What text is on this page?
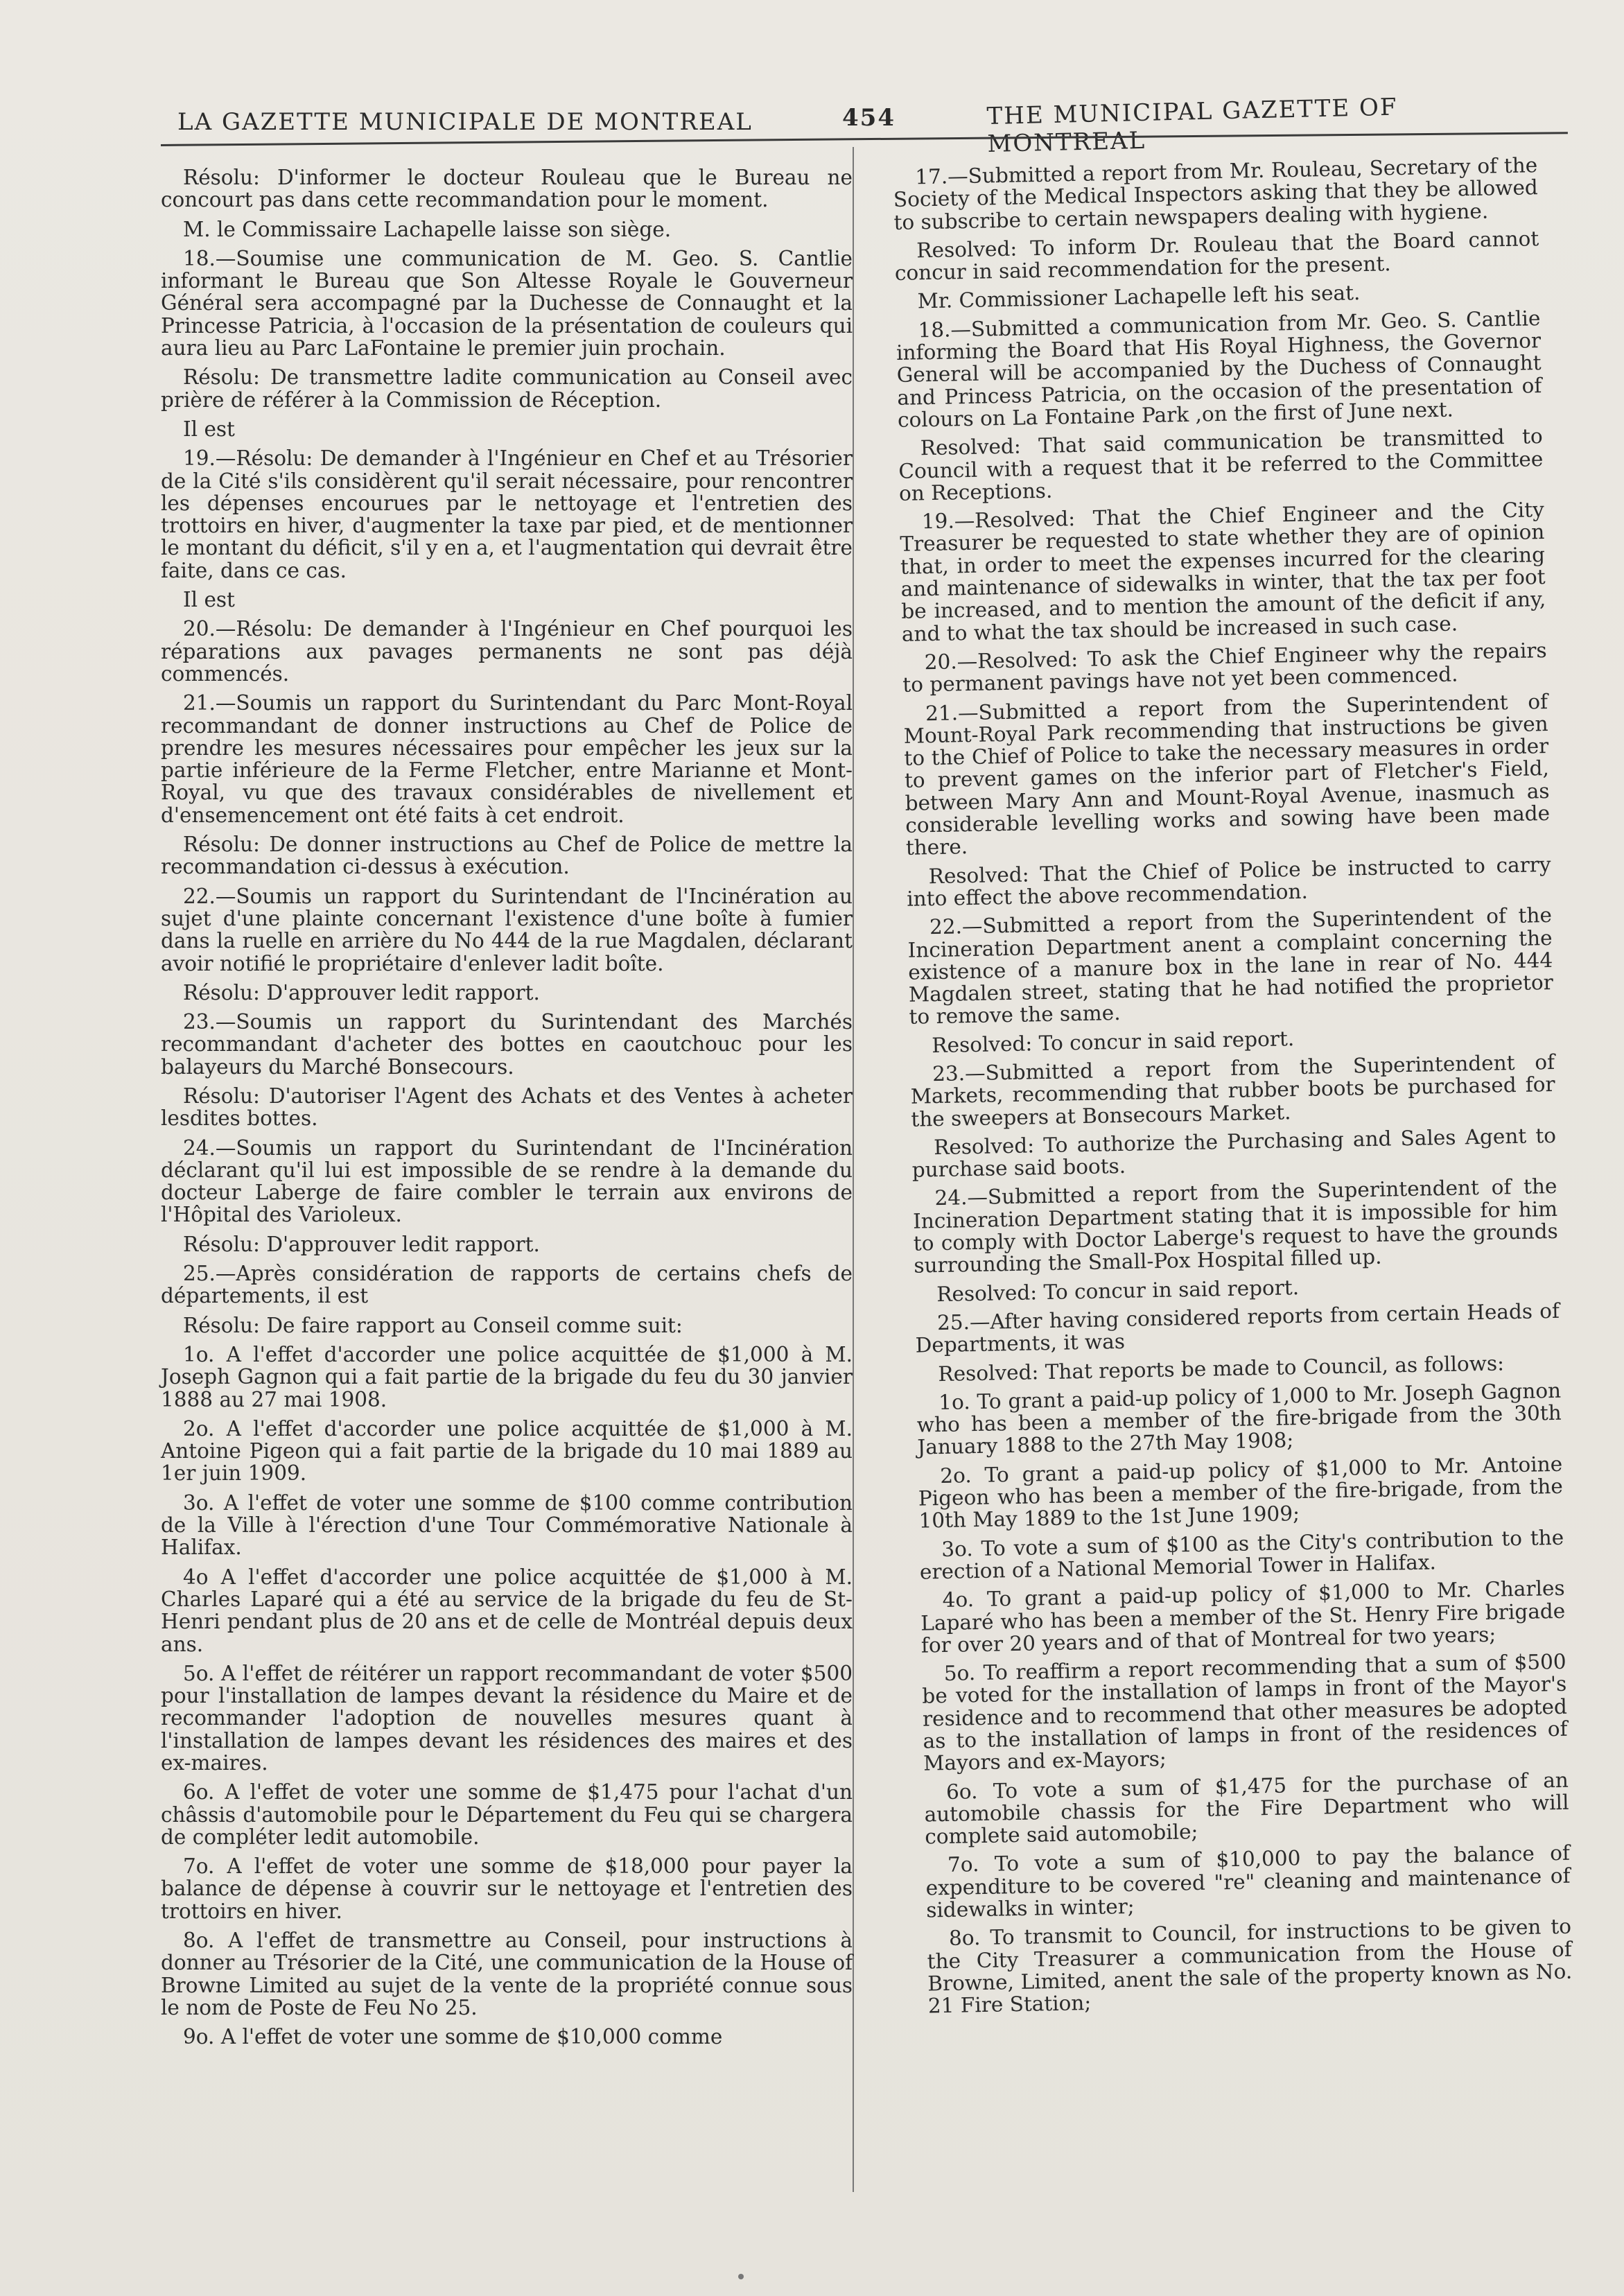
LA GAZETTE MUNICIPALE DE MONTREAL	454	THE MUNICIPAL GAZETTE OF MONTREAL

Résolu: D'informer le docteur Rouleau que le Bureau ne concourt pas dans cette recommandation pour le moment.

M. le Commissaire Lachapelle laisse son siège.

18.—Soumise une communication de M. Geo. S. Cantlie informant le Bureau que Son Altesse Royale le Gouverneur Général sera accompagné par la Duchesse de Connaught et la Princesse Patricia, à l'occasion de la présentation de couleurs qui aura lieu au Parc LaFontaine le premier juin prochain.

Résolu: De transmettre ladite communication au Conseil avec prière de référer à la Commission de Réception.

Il est

19.—Résolu: De demander à l'Ingénieur en Chef et au Trésorier de la Cité s'ils considèrent qu'il serait nécessaire, pour rencontrer les dépenses encourues par le nettoyage et l'entretien des trottoirs en hiver, d'augmenter la taxe par pied, et de mentionner le montant du déficit, s'il y en a, et l'augmentation qui devrait être faite, dans ce cas.

Il est

20.—Résolu: De demander à l'Ingénieur en Chef pourquoi les réparations aux pavages permanents ne sont pas déjà commencés.

21.—Soumis un rapport du Surintendant du Parc Mont-Royal recommandant de donner instructions au Chef de Police de prendre les mesures nécessaires pour empêcher les jeux sur la partie inférieure de la Ferme Fletcher, entre Marianne et Mont-Royal, vu que des travaux considérables de nivellement et d'ensemencement ont été faits à cet endroit.

Résolu: De donner instructions au Chef de Police de mettre la recommandation ci-dessus à exécution.

22.—Soumis un rapport du Surintendant de l'Incinération au sujet d'une plainte concernant l'existence d'une boîte à fumier dans la ruelle en arrière du No 444 de la rue Magdalen, déclarant avoir notifié le propriétaire d'enlever ladit boîte.

Résolu: D'approuver ledit rapport.

23.—Soumis un rapport du Surintendant des Marchés recommandant d'acheter des bottes en caoutchouc pour les balayeurs du Marché Bonsecours.

Résolu: D'autoriser l'Agent des Achats et des Ventes à acheter lesdites bottes.

24.—Soumis un rapport du Surintendant de l'Incinération déclarant qu'il lui est impossible de se rendre à la demande du docteur Laberge de faire combler le terrain aux environs de l'Hôpital des Varioleux.

Résolu: D'approuver ledit rapport.

25.—Après considération de rapports de certains chefs de départements, il est

Résolu: De faire rapport au Conseil comme suit:

1o. A l'effet d'accorder une police acquittée de $1,000 à M. Joseph Gagnon qui a fait partie de la brigade du feu du 30 janvier 1888 au 27 mai 1908.

2o. A l'effet d'accorder une police acquittée de $1,000 à M. Antoine Pigeon qui a fait partie de la brigade du 10 mai 1889 au 1er juin 1909.

3o. A l'effet de voter une somme de $100 comme contribution de la Ville à l'érection d'une Tour Commémorative Nationale à Halifax.

4o A l'effet d'accorder une police acquittée de $1,000 à M. Charles Laparé qui a été au service de la brigade du feu de St-Henri pendant plus de 20 ans et de celle de Montréal depuis deux ans.

5o. A l'effet de réitérer un rapport recommandant de voter $500 pour l'installation de lampes devant la résidence du Maire et de recommander l'adoption de nouvelles mesures quant à l'installation de lampes devant les résidences des maires et des ex-maires.

6o. A l'effet de voter une somme de $1,475 pour l'achat d'un châssis d'automobile pour le Département du Feu qui se chargera de compléter ledit automobile.

7o. A l'effet de voter une somme de $18,000 pour payer la balance de dépense à couvrir sur le nettoyage et l'entretien des trottoirs en hiver.

8o. A l'effet de transmettre au Conseil, pour instructions à donner au Trésorier de la Cité, une communication de la House of Browne Limited au sujet de la vente de la propriété connue sous le nom de Poste de Feu No 25.

9o. A l'effet de voter une somme de $10,000 comme

17.—Submitted a report from Mr. Rouleau, Secretary of the Society of the Medical Inspectors asking that they be allowed to subscribe to certain newspapers dealing with hygiene.

Resolved: To inform Dr. Rouleau that the Board cannot concur in said recommendation for the present.

Mr. Commissioner Lachapelle left his seat.

18.—Submitted a communication from Mr. Geo. S. Cantlie informing the Board that His Royal Highness, the Governor General will be accompanied by the Duchess of Connaught and Princess Patricia, on the occasion of the presentation of colours on La Fontaine Park ,on the first of June next.

Resolved: That said communication be transmitted to Council with a request that it be referred to the Committee on Receptions.

19.—Resolved: That the Chief Engineer and the City Treasurer be requested to state whether they are of opinion that, in order to meet the expenses incurred for the clearing and maintenance of sidewalks in winter, that the tax per foot be increased, and to mention the amount of the deficit if any, and to what the tax should be increased in such case.

20.—Resolved: To ask the Chief Engineer why the repairs to permanent pavings have not yet been commenced.

21.—Submitted a report from the Superintendent of Mount-Royal Park recommending that instructions be given to the Chief of Police to take the necessary measures in order to prevent games on the inferior part of Fletcher's Field, between Mary Ann and Mount-Royal Avenue, inasmuch as considerable levelling works and sowing have been made there.

Resolved: That the Chief of Police be instructed to carry into effect the above recommendation.

22.—Submitted a report from the Superintendent of the Incineration Department anent a complaint concerning the existence of a manure box in the lane in rear of No. 444 Magdalen street, stating that he had notified the proprietor to remove the same.

Resolved: To concur in said report.

23.—Submitted a report from the Superintendent of Markets, recommending that rubber boots be purchased for the sweepers at Bonsecours Market.

Resolved: To authorize the Purchasing and Sales Agent to purchase said boots.

24.—Submitted a report from the Superintendent of the Incineration Department stating that it is impossible for him to comply with Doctor Laberge's request to have the grounds surrounding the Small-Pox Hospital filled up.

Resolved: To concur in said report.

25.—After having considered reports from certain Heads of Departments, it was

Resolved: That reports be made to Council, as follows:

1o. To grant a paid-up policy of 1,000 to Mr. Joseph Gagnon who has been a member of the fire-brigade from the 30th January 1888 to the 27th May 1908;

2o. To grant a paid-up policy of $1,000 to Mr. Antoine Pigeon who has been a member of the fire-brigade, from the 10th May 1889 to the 1st June 1909;

3o. To vote a sum of $100 as the City's contribution to the erection of a National Memorial Tower in Halifax.

4o. To grant a paid-up policy of $1,000 to Mr. Charles Laparé who has been a member of the St. Henry Fire brigade for over 20 years and of that of Montreal for two years;

5o. To reaffirm a report recommending that a sum of $500 be voted for the installation of lamps in front of the Mayor's residence and to recommend that other measures be adopted as to the installation of lamps in front of the residences of Mayors and ex-Mayors;

6o. To vote a sum of $1,475 for the purchase of an automobile chassis for the Fire Department who will complete said automobile;

7o. To vote a sum of $10,000 to pay the balance of expenditure to be covered "re" cleaning and maintenance of sidewalks in winter;

8o. To transmit to Council, for instructions to be given to the City Treasurer a communication from the House of Browne, Limited, anent the sale of the property known as No. 21 Fire Station;
